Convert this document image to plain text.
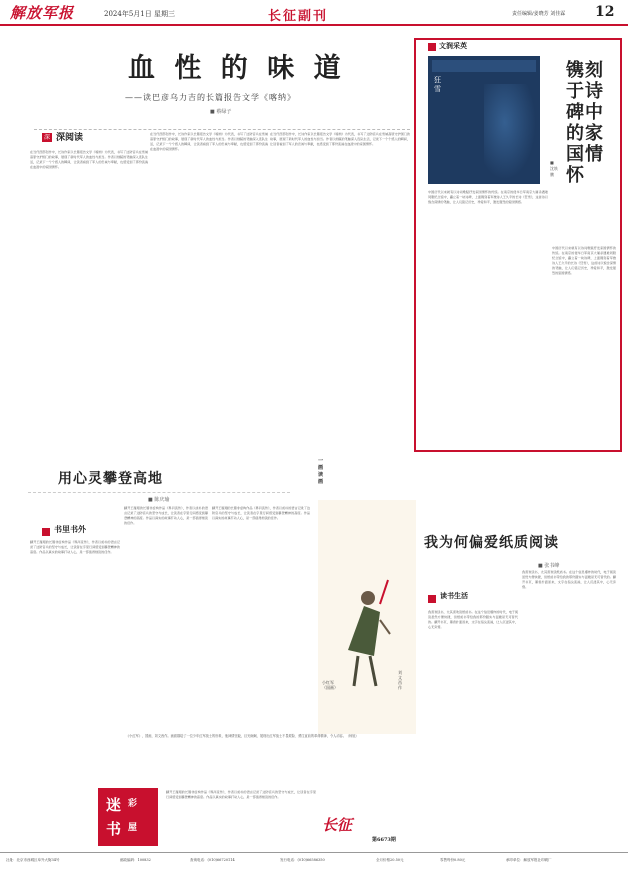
解放军报	2024年5月1日 星期三	长征副刊	责任编辑/姜晓芳 刘佳霖 12
血 性 的 味 道
——读巴彦乌力吉的长篇报告文学《喀纳》
■ 蔡绿子
深 深阅读
在当代西部创作中，长诗作家以长篇报告文学《喀纳》为代表，书写了边防官兵在雪域高原守护国门的故事，展现了新时代军人的血性与担当。作者以细腻的笔触深入连队生活，记录下一个个感人的瞬间，让读者看到了军人的忠诚与奉献，也感受到了那份流淌在血液中的家国情怀。
在当代西部创作中，长诗作家以长篇报告文学《喀纳》为代表，书写了边防官兵在雪域高原守护国门的故事，展现了新时代军人的血性与担当。作者以细腻的笔触深入连队生活，记录下一个个感人的瞬间，让读者看到了军人的忠诚与奉献，也感受到了那份流淌在血液中的家国情怀。
在当代西部创作中，长诗作家以长篇报告文学《喀纳》为代表，书写了边防官兵在雪域高原守护国门的故事，展现了新时代军人的血性与担当。作者以细腻的笔触深入连队生活，记录下一个个感人的瞬间，让读者看到了军人的忠诚与奉献，也感受到了那份流淌在血液中的家国情怀。
文润采英
狂雪
镌刻于诗碑中的家国情怀
■ 沈轶鹏
中国历代以来就有以诗词歌赋抒发家国情怀的传统。在南京的侵华日军南京大屠杀遇难同胞纪念馆中，矗立着一块诗碑，上面镌刻着军旅诗人王久辛的长诗《狂雪》，这首诗以饱含深情的笔触，让人们铭记历史，珍爱和平，激发强烈的爱国情感。
中国历代以来就有以诗词歌赋抒发家国情怀的传统。在南京的侵华日军南京大屠杀遇难同胞纪念馆中，矗立着一块诗碑，上面镌刻着军旅诗人王久辛的长诗《狂雪》，这首诗以饱含深情的笔触，让人们铭记历史，珍爱和平，激发强烈的爱国情感。
用心灵攀登高地
■ 陈庆瑜
书里书外
翻开王雁翔的长篇非虚构作品《界河流传》，作者以质朴的语言记录了边防官兵的坚守与成长，让读者在字里行间感受到攀登精神的高度。作品以真实的故事打动人心，是一部值得细读的佳作。
翻开王雁翔的长篇非虚构作品《界河流传》，作者以质朴的语言记录了边防官兵的坚守与成长，让读者在字里行间感受到攀登精神的高度。作品以真实的故事打动人心，是一部值得细读的佳作。
翻开王雁翔的长篇非虚构作品《界河流传》，作者以质朴的语言记录了边防官兵的坚守与成长，让读者在字里行间感受到攀登精神的高度。作品以真实的故事打动人心，是一部值得细读的佳作。
翻开王雁翔的长篇非虚构作品《界河流传》，作者以质朴的语言记录了边防官兵的坚守与成长，让读者在字里行间感受到攀登精神的高度。作品以真实的故事打动人心，是一部值得细读的佳作。
一画读画
小红军（国画）
刘文西作
《小红军》，国画，刘文西作。画面描绘了一位少年红军战士的形象，他神情坚毅，目光炯炯，展现出红军战士不畏艰险、勇往直前的革命精神，令人动容。（杨旭）
我为何偏爱纸质阅读
■ 张书峰
读书生活
我喜欢读书，尤其喜欢读纸质书。在这个信息爆炸的时代，电子阅读虽然方便快捷，但纸质书带给我的那份踏实与温暖是无可替代的。翻开书页，墨香扑面而来，文字在指尖流淌，让人沉浸其中，心无旁骛。
我喜欢读书，尤其喜欢读纸质书。在这个信息爆炸的时代，电子阅读虽然方便快捷，但纸质书带给我的那份踏实与温暖是无可替代的。翻开书页，墨香扑面而来，文字在指尖流淌，让人沉浸其中，心无旁骛。
迷 彩
书 屋	长征
第6673期
社址：北京市西城区阜外大街34号	邮政编码：100832	查询电话：(010)66720114	发行电话：(010)66586350	全月价格20.50元	零售每份0.80元	承印单位：解放军报社印刷厂
